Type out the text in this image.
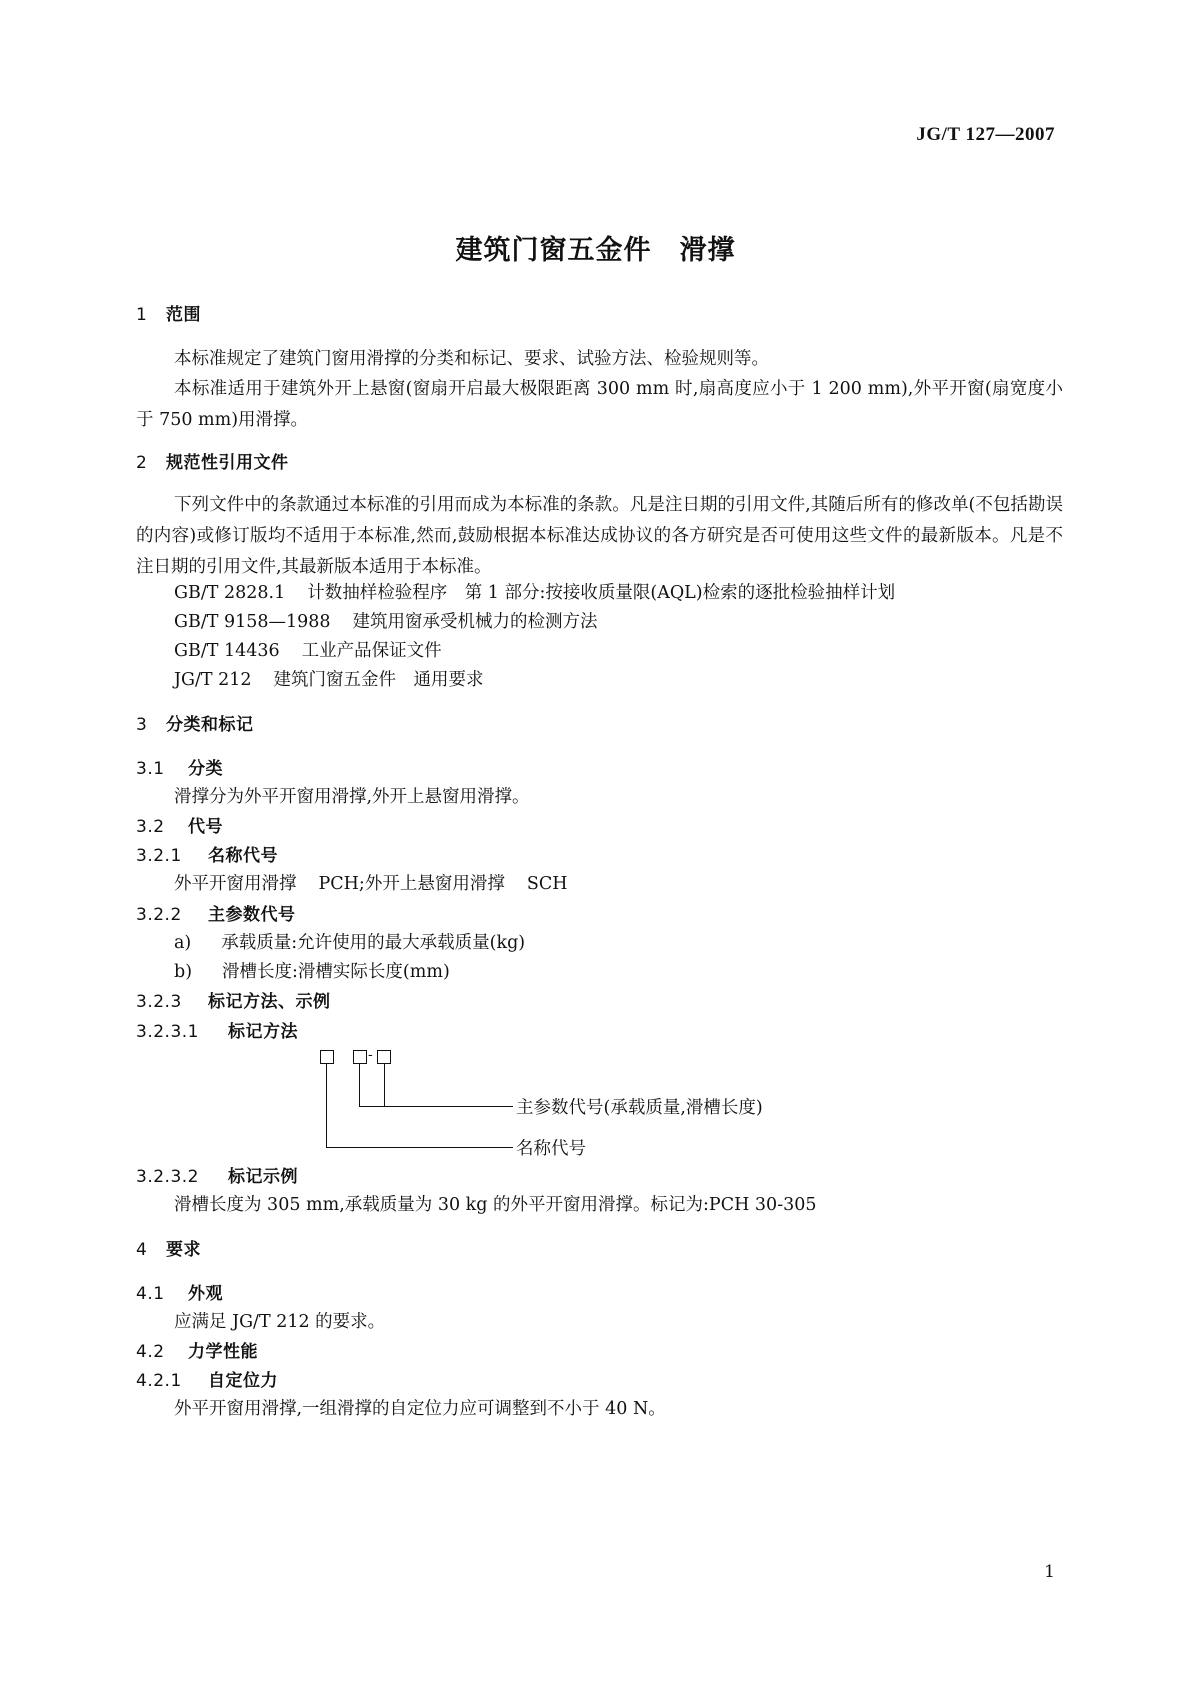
JG/T 127—2007
建筑门窗五金件　滑撑
1 范围
本标准规定了建筑门窗用滑撑的分类和标记、要求、试验方法、检验规则等。
本标准适用于建筑外开上悬窗(窗扇开启最大极限距离 300 mm 时,扇高度应小于 1 200 mm),外平开窗(扇宽度小于 750 mm)用滑撑。
2 规范性引用文件
下列文件中的条款通过本标准的引用而成为本标准的条款。凡是注日期的引用文件,其随后所有的修改单(不包括勘误的内容)或修订版均不适用于本标准,然而,鼓励根据本标准达成协议的各方研究是否可使用这些文件的最新版本。凡是不注日期的引用文件,其最新版本适用于本标准。
GB/T 2828.1 计数抽样检验程序　第 1 部分:按接收质量限(AQL)检索的逐批检验抽样计划
GB/T 9158—1988 建筑用窗承受机械力的检测方法
GB/T 14436 工业产品保证文件
JG/T 212 建筑门窗五金件　通用要求
3 分类和标记
3.1 分类
滑撑分为外平开窗用滑撑,外开上悬窗用滑撑。
3.2 代号
3.2.1 名称代号
外平开窗用滑撑 PCH;外开上悬窗用滑撑 SCH
3.2.2 主参数代号
a) 承载质量:允许使用的最大承载质量(kg)
b) 滑槽长度:滑槽实际长度(mm)
3.2.3 标记方法、示例
3.2.3.1 标记方法
-
主参数代号(承载质量,滑槽长度)
名称代号
3.2.3.2 标记示例
滑槽长度为 305 mm,承载质量为 30 kg 的外平开窗用滑撑。标记为:PCH 30-305
4 要求
4.1 外观
应满足 JG/T 212 的要求。
4.2 力学性能
4.2.1 自定位力
外平开窗用滑撑,一组滑撑的自定位力应可调整到不小于 40 N。
1
